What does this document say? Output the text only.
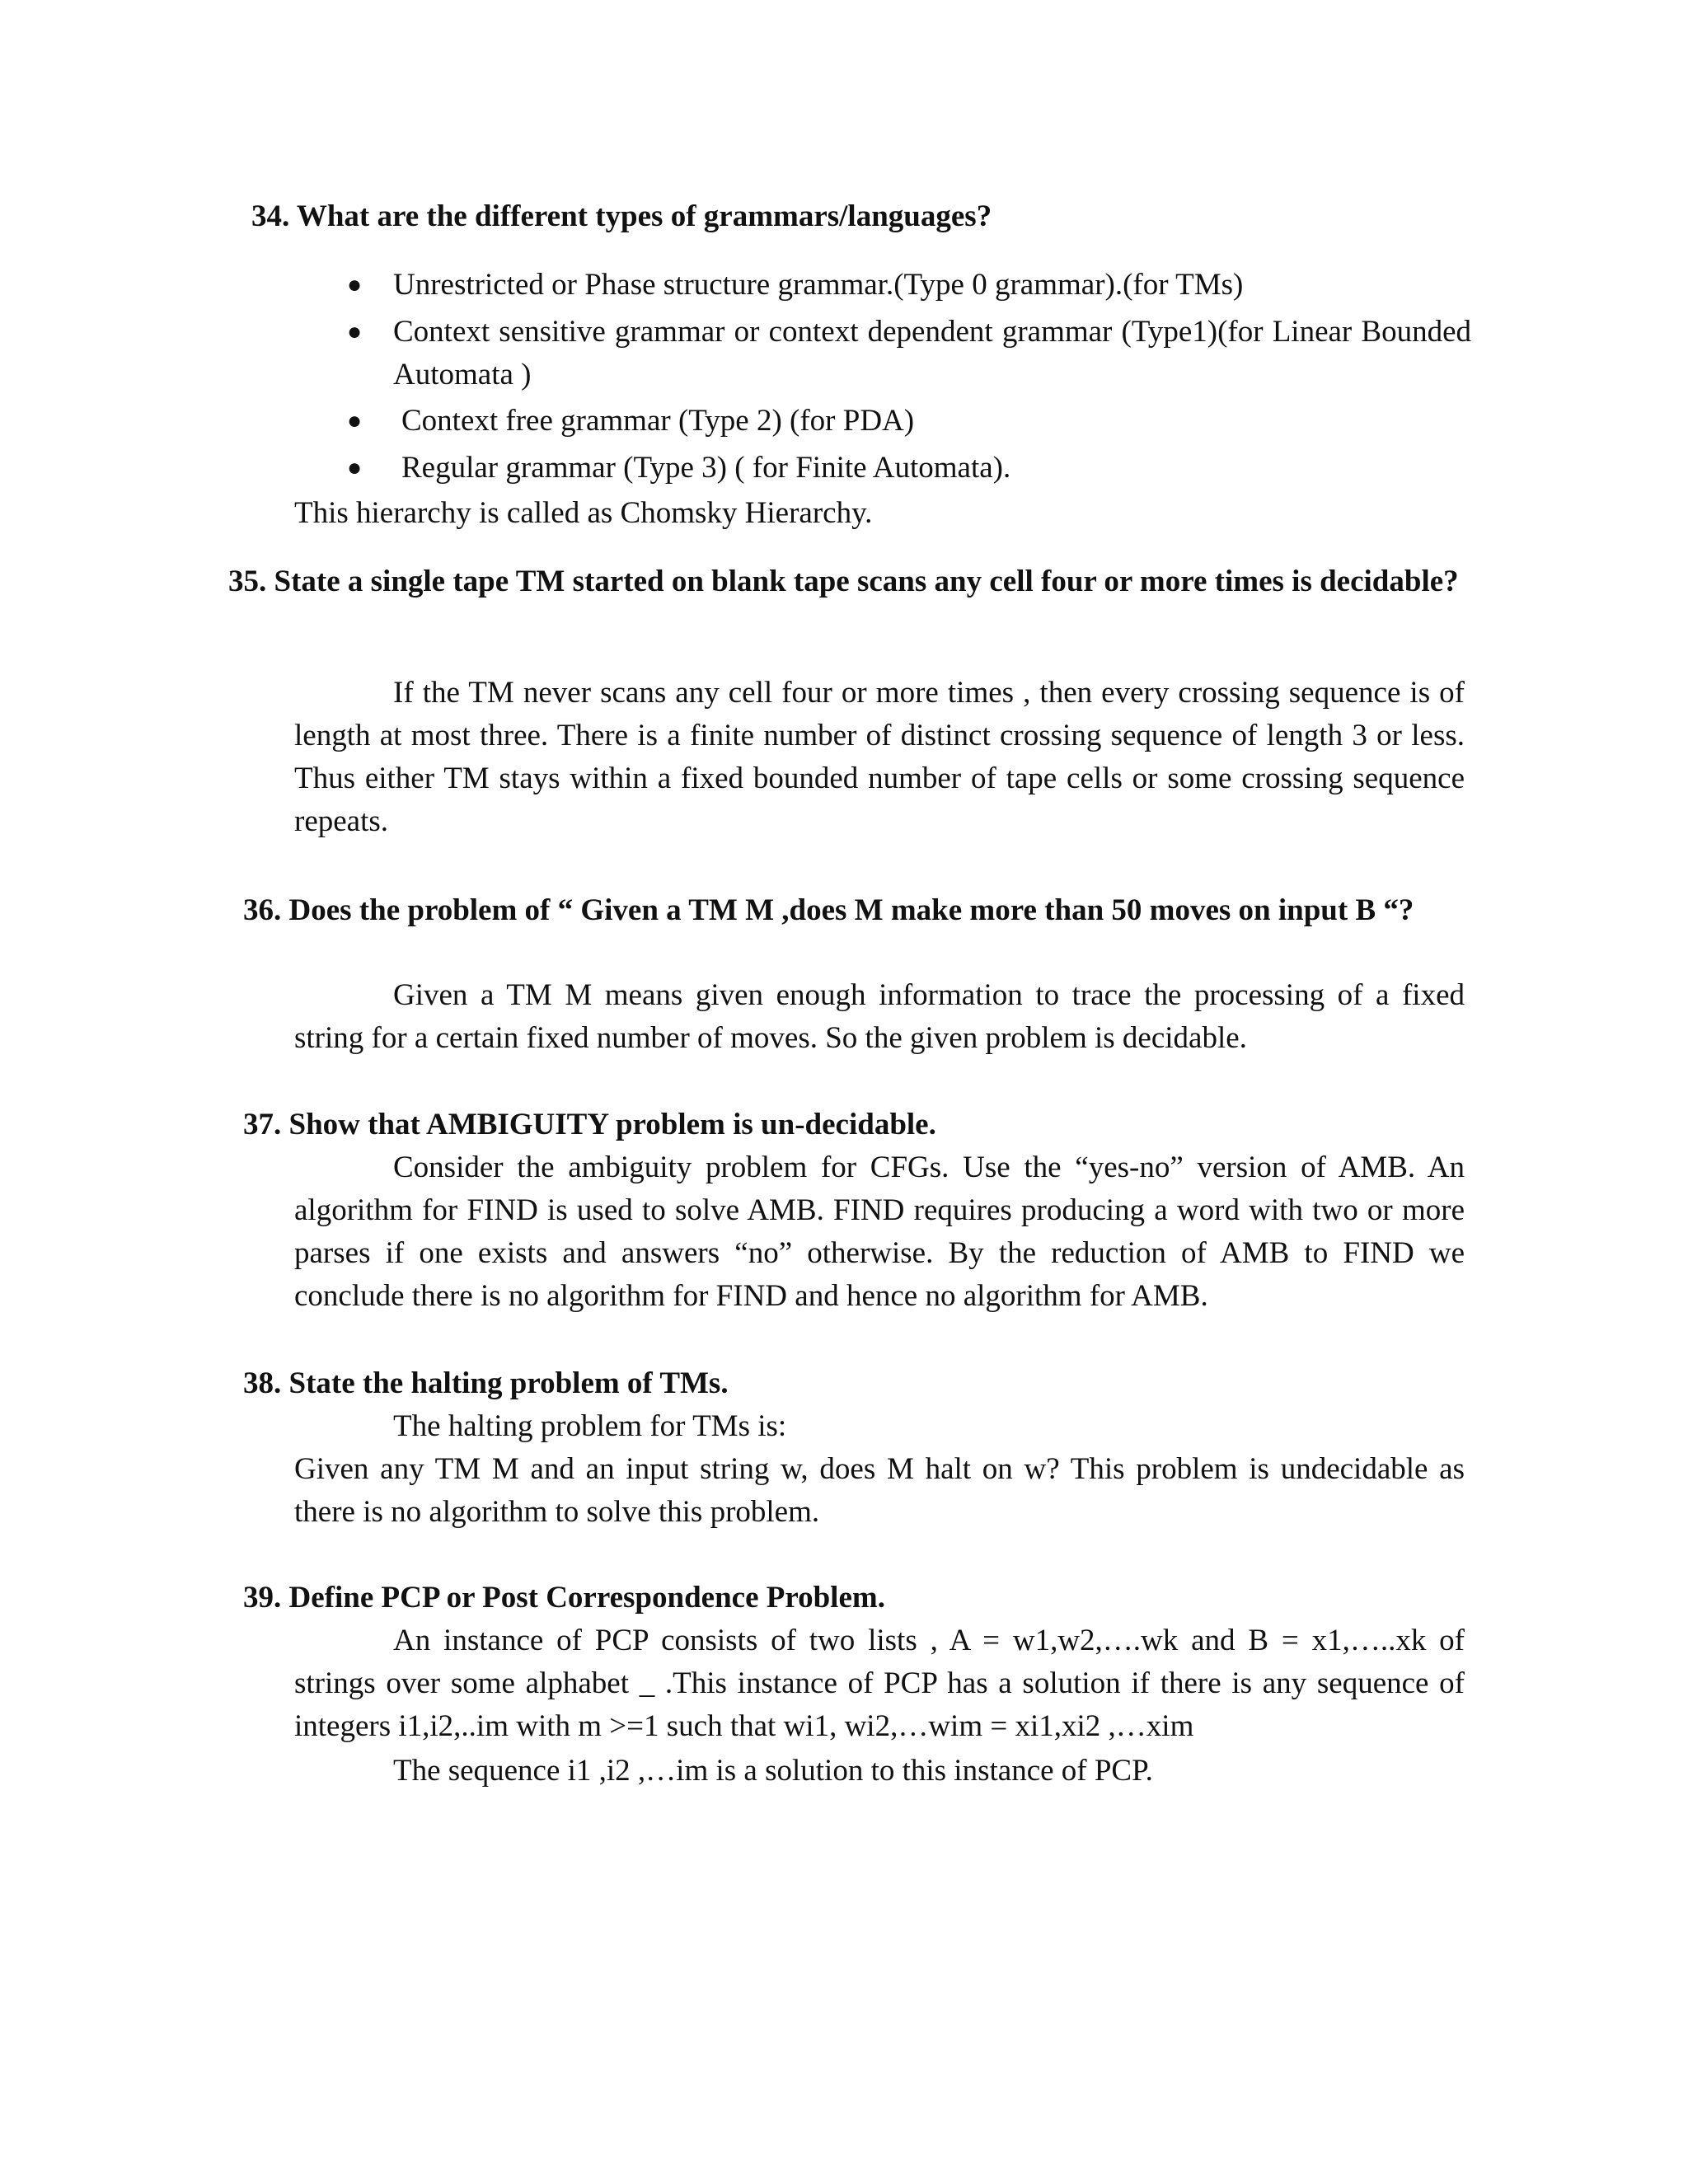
34. What are the different types of grammars/languages?
● Unrestricted or Phase structure grammar.(Type 0 grammar).(for TMs)
● Context sensitive grammar or context dependent grammar (Type1)(for Linear Bounded Automata )
● Context free grammar (Type 2) (for PDA)
● Regular grammar (Type 3) ( for Finite Automata).
This hierarchy is called as Chomsky Hierarchy.
35. State a single tape TM started on blank tape scans any cell four or more times is decidable?
If the TM never scans any cell four or more times , then every crossing sequence is of length at most three. There is a finite number of distinct crossing sequence of length 3 or less. Thus either TM stays within a fixed bounded number of tape cells or some crossing sequence repeats.
36. Does the problem of “ Given a TM M ,does M make more than 50 moves on input B “?
Given a TM M means given enough information to trace the processing of a fixed string for a certain fixed number of moves. So the given problem is decidable.
37. Show that AMBIGUITY problem is un-decidable.
Consider the ambiguity problem for CFGs. Use the “yes-no” version of AMB. An algorithm for FIND is used to solve AMB. FIND requires producing a word with two or more parses if one exists and answers “no” otherwise. By the reduction of AMB to FIND we conclude there is no algorithm for FIND and hence no algorithm for AMB.
38. State the halting problem of TMs.
The halting problem for TMs is:
Given any TM M and an input string w, does M halt on w? This problem is undecidable as there is no algorithm to solve this problem.
39. Define PCP or Post Correspondence Problem.
An instance of PCP consists of two lists , A = w1,w2,….wk and B = x1,…..xk of strings over some alphabet _ .This instance of PCP has a solution if there is any sequence of integers i1,i2,..im with m >=1 such that wi1, wi2,…wim = xi1,xi2 ,…xim
The sequence i1 ,i2 ,…im is a solution to this instance of PCP.
